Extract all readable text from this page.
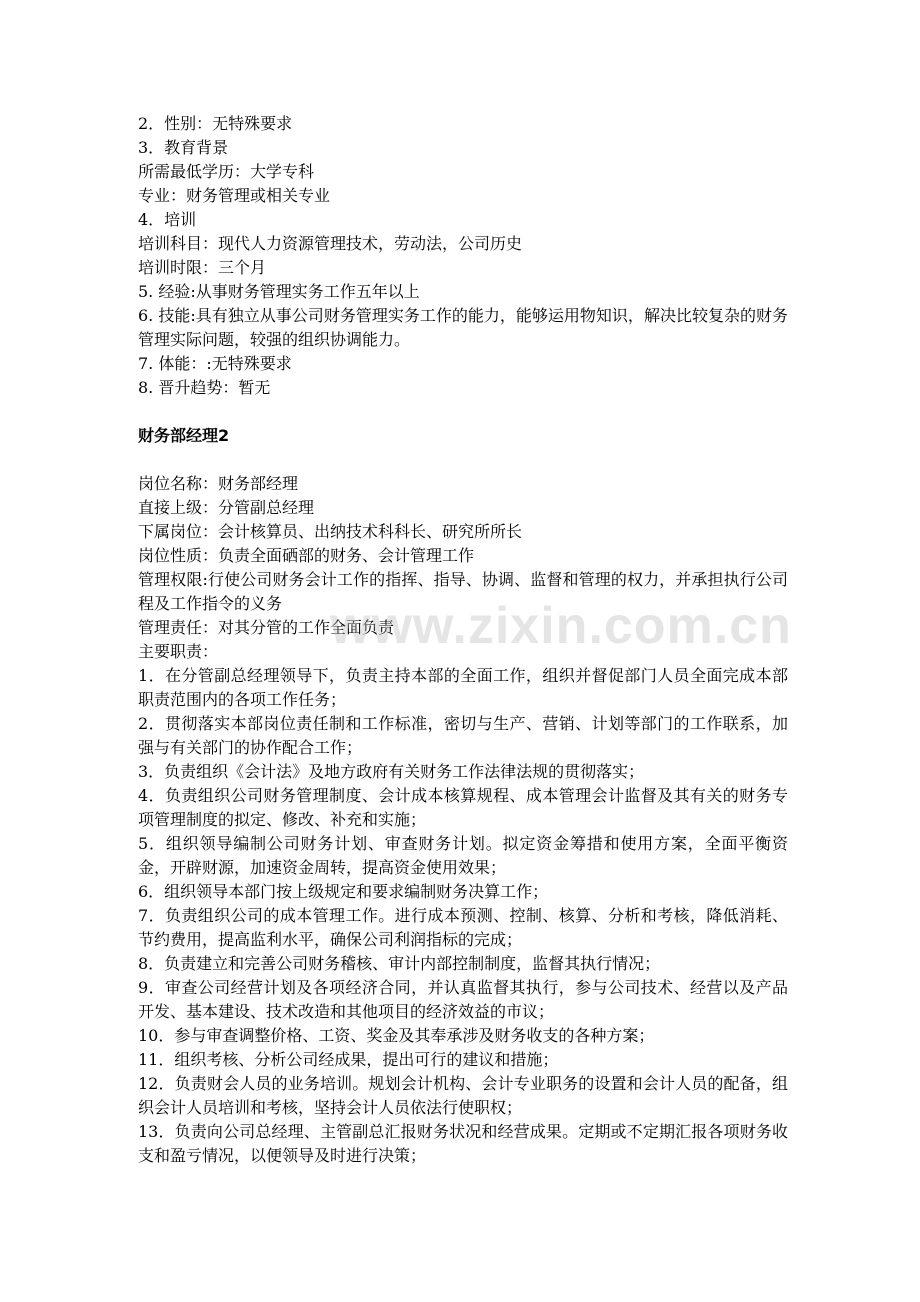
2．性别：无特殊要求

3．教育背景

所需最低学历：大学专科

专业：财务管理或相关专业

4．培训

培训科目：现代人力资源管理技术，劳动法，公司历史

培训时限：三个月

5. 经验:从事财务管理实务工作五年以上

6. 技能:具有独立从事公司财务管理实务工作的能力，能够运用物知识，解决比较复杂的财务管理实际问题，较强的组织协调能力。

7. 体能：:无特殊要求

8. 晋升趋势：暂无

财务部经理2

岗位名称：财务部经理

直接上级：分管副总经理

下属岗位：会计核算员、出纳技术科科长、研究所所长

岗位性质：负责全面硒部的财务、会计管理工作

管理权限:行使公司财务会计工作的指挥、指导、协调、监督和管理的权力，并承担执行公司程及工作指令的义务

管理责任：对其分管的工作全面负责

主要职责：

1．在分管副总经理领导下，负责主持本部的全面工作，组织并督促部门人员全面完成本部职责范围内的各项工作任务；

2．贯彻落实本部岗位责任制和工作标准，密切与生产、营销、计划等部门的工作联系，加强与有关部门的协作配合工作；

3．负责组织《会计法》及地方政府有关财务工作法律法规的贯彻落实；

4．负责组织公司财务管理制度、会计成本核算规程、成本管理会计监督及其有关的财务专项管理制度的拟定、修改、补充和实施；

5．组织领导编制公司财务计划、审查财务计划。拟定资金筹措和使用方案，全面平衡资金，开辟财源，加速资金周转，提高资金使用效果；

6．组织领导本部门按上级规定和要求编制财务决算工作；

7．负责组织公司的成本管理工作。进行成本预测、控制、核算、分析和考核，降低消耗、节约费用，提高监利水平，确保公司利润指标的完成；

8．负责建立和完善公司财务稽核、审计内部控制制度，监督其执行情况；

9．审查公司经营计划及各项经济合同，并认真监督其执行，参与公司技术、经营以及产品开发、基本建设、技术改造和其他项目的经济效益的市议；

10．参与审查调整价格、工资、奖金及其奉承涉及财务收支的各种方案；

11．组织考核、分析公司经成果，提出可行的建议和措施；

12．负责财会人员的业务培训。规划会计机构、会计专业职务的设置和会计人员的配备，组织会计人员培训和考核，坚持会计人员依法行使职权；

13．负责向公司总经理、主管副总汇报财务状况和经营成果。定期或不定期汇报各项财务收支和盈亏情况，以便领导及时进行决策；

www.zixin.com.cn
